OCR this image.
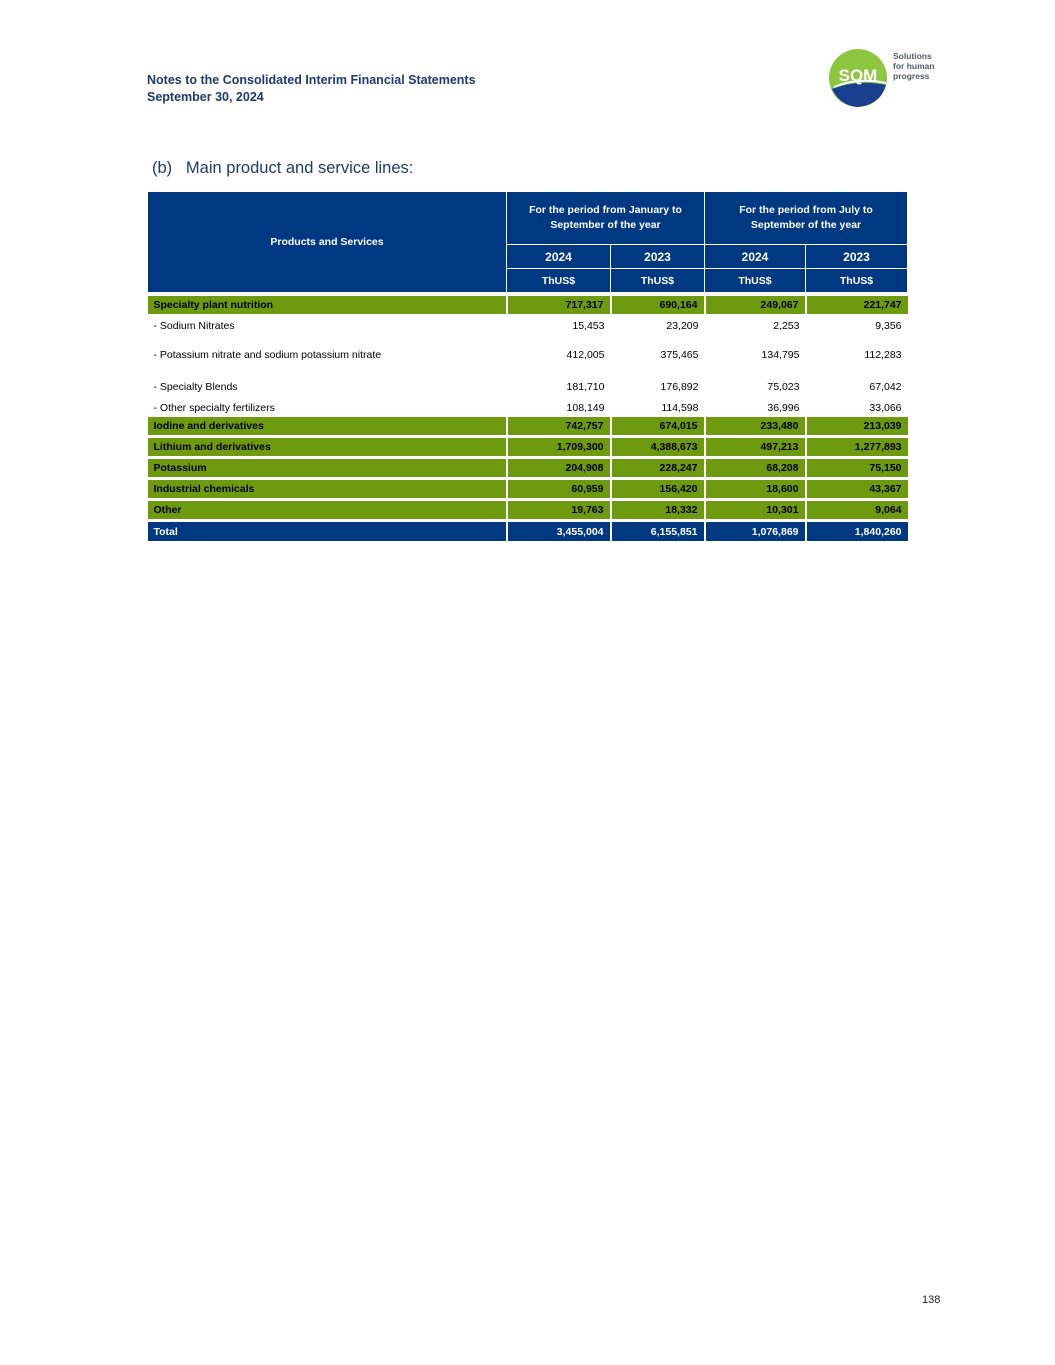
Notes to the Consolidated Interim Financial Statements
September 30, 2024
SQM
Solutions
for human
progress
(b)   Main product and service lines:
Products and Services	For the period from January to September of the year		For the period from July to September of the year	
	2024	2023	2024	2023
	ThUS$	ThUS$	ThUS$	ThUS$

Specialty plant nutrition	717,317	690,164	249,067	221,747
- Sodium Nitrates	15,453	23,209	2,253	9,356
- Potassium nitrate and sodium potassium nitrate	412,005	375,465	134,795	112,283
- Specialty Blends	181,710	176,892	75,023	67,042
- Other specialty fertilizers	108,149	114,598	36,996	33,066
Iodine and derivatives	742,757	674,015	233,480	213,039
Lithium and derivatives	1,709,300	4,388,673	497,213	1,277,893
Potassium	204,908	228,247	68,208	75,150
Industrial chemicals	60,959	156,420	18,600	43,367
Other	19,763	18,332	10,301	9,064
Total	3,455,004	6,155,851	1,076,869	1,840,260
138
